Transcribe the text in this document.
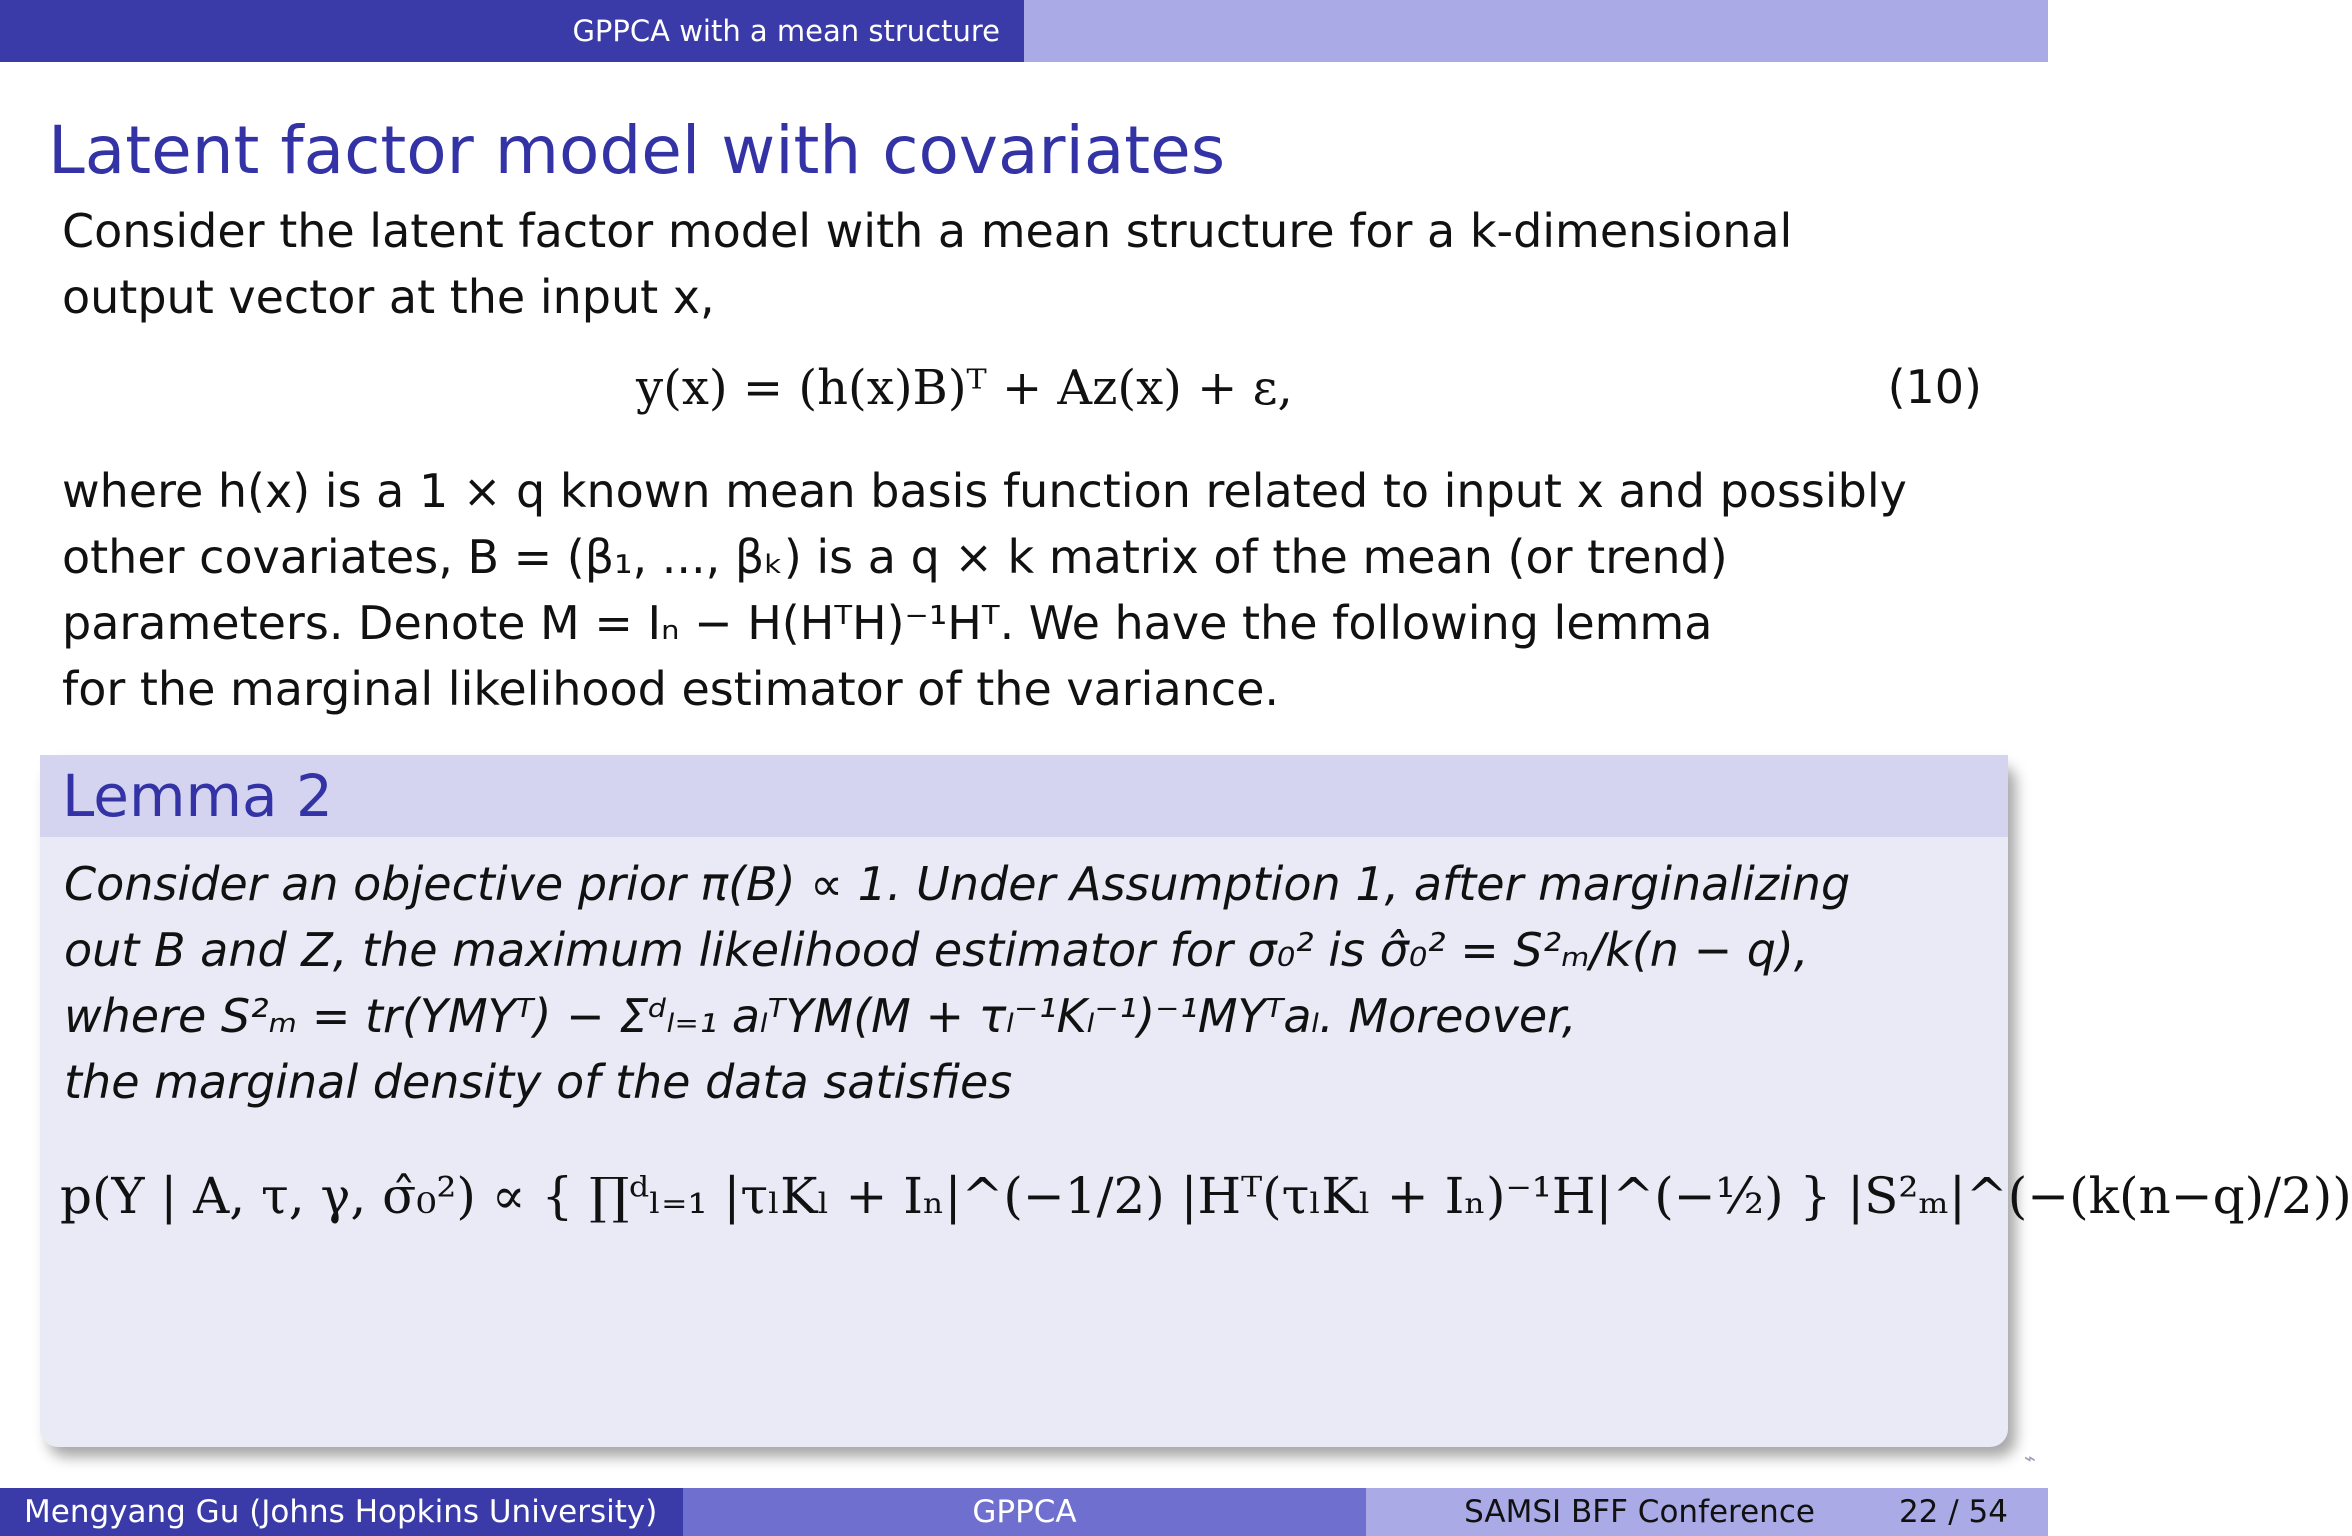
GPPCA with a mean structure
Latent factor model with covariates
Consider the latent factor model with a mean structure for a k-dimensional
output vector at the input x,
y(x) = (h(x)B)ᵀ + Az(x) + ε,	(10)
where h(x) is a 1 × q known mean basis function related to input x and possibly
other covariates, B = (β₁, ..., βₖ) is a q × k matrix of the mean (or trend)
parameters. Denote M = Iₙ − H(HᵀH)⁻¹Hᵀ. We have the following lemma
for the marginal likelihood estimator of the variance.
Lemma 2
Consider an objective prior π(B) ∝ 1. Under Assumption 1, after marginalizing
out B and Z, the maximum likelihood estimator for σ₀² is σ̂₀² = S²ₘ/k(n − q),
where S²ₘ = tr(YMYᵀ) − Σᵈₗ₌₁ aₗᵀYM(M + τₗ⁻¹Kₗ⁻¹)⁻¹MYᵀaₗ. Moreover,
the marginal density of the data satisfies
p(Y | A, τ, γ, σ̂₀²) ∝ { ∏ᵈₗ₌₁ |τₗKₗ + Iₙ|^(−1/2) |Hᵀ(τₗKₗ + Iₙ)⁻¹H|^(−½) } |S²ₘ|^(−(k(n−q)/2))
⌁
Mengyang Gu (Johns Hopkins University)	GPPCA	SAMSI BFF Conference	22 / 54
